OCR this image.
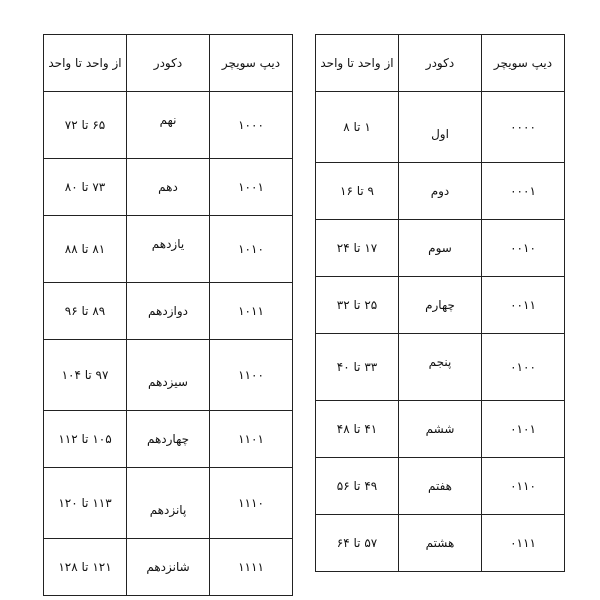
از واحد تا واحد	دکودر	دیپ سویچر
۶۵ تا ۷۲	نهم	۱۰۰۰
۷۳ تا ۸۰	دهم	۱۰۰۱
۸۱ تا ۸۸	یازدهم	۱۰۱۰
۸۹ تا ۹۶	دوازدهم	۱۰۱۱
۹۷ تا ۱۰۴	سیزدهم	۱۱۰۰
۱۰۵ تا ۱۱۲	چهاردهم	۱۱۰۱
۱۱۳ تا ۱۲۰	پانزدهم	۱۱۱۰
۱۲۱ تا ۱۲۸	شانزدهم	۱۱۱۱
از واحد تا واحد	دکودر	دیپ سویچر
۱ تا ۸	اول	۰۰۰۰
۹ تا ۱۶	دوم	۰۰۰۱
۱۷ تا ۲۴	سوم	۰۰۱۰
۲۵ تا ۳۲	چهارم	۰۰۱۱
۳۳ تا ۴۰	پنجم	۰۱۰۰
۴۱ تا ۴۸	ششم	۰۱۰۱
۴۹ تا ۵۶	هفتم	۰۱۱۰
۵۷ تا ۶۴	هشتم	۰۱۱۱
